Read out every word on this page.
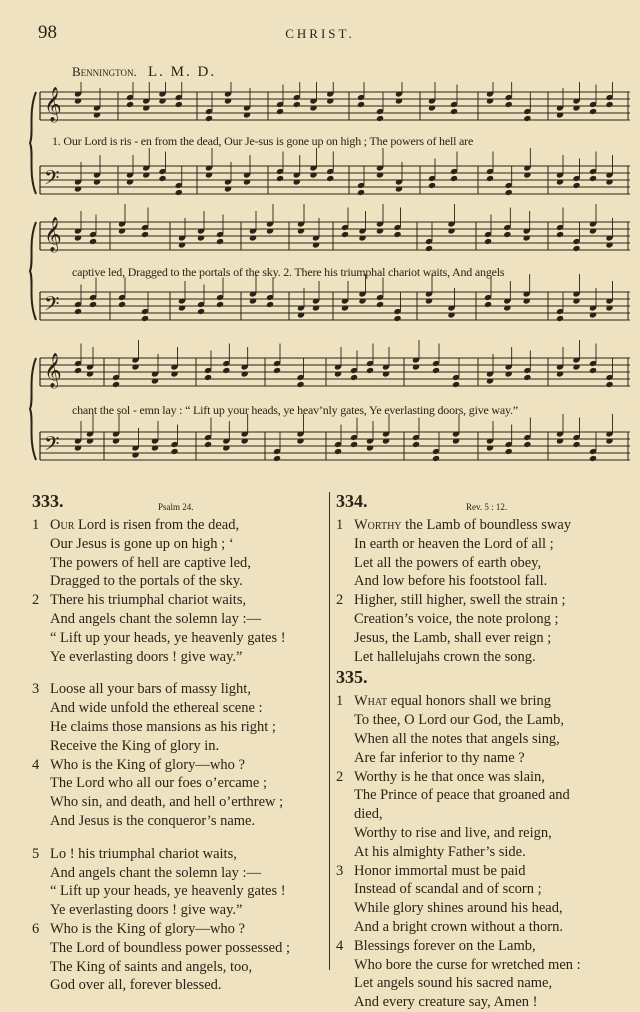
98	CHRIST.
Bennington. L. M. D.
𝄞
𝄢
𝄞
𝄢
𝄞
𝄢
1. Our Lord is ris - en from the dead, Our Je-sus is gone up on high ; The powers of hell are
captive led, Dragged to the portals of the sky. 2. There his triumphal chariot waits, And angels
chant the sol - emn lay : “ Lift up your heads, ye heav’nly gates, Ye everlasting doors, give way.”
333.	Psalm 24.
1 Our Lord is risen from the dead,
Our Jesus is gone up on high ; ‘
The powers of hell are captive led,
Dragged to the portals of the sky.
2 There his triumphal chariot waits,
And angels chant the solemn lay :—
“ Lift up your heads, ye heavenly gates !
Ye everlasting doors ! give way.”
3 Loose all your bars of massy light,
And wide unfold the ethereal scene :
He claims those mansions as his right ;
Receive the King of glory in.
4 Who is the King of glory—who ?
The Lord who all our foes o’ercame ;
Who sin, and death, and hell o’erthrew ;
And Jesus is the conqueror’s name.
5 Lo ! his triumphal chariot waits,
And angels chant the solemn lay :—
“ Lift up your heads, ye heavenly gates !
Ye everlasting doors ! give way.”
6 Who is the King of glory—who ?
The Lord of boundless power possessed ;
The King of saints and angels, too,
God over all, forever blessed.
334.	Rev. 5 : 12.
1 Worthy the Lamb of boundless sway
In earth or heaven the Lord of all ;
Let all the powers of earth obey,
And low before his footstool fall.
2 Higher, still higher, swell the strain ;
Creation’s voice, the note prolong ;
Jesus, the Lamb, shall ever reign ;
Let hallelujahs crown the song.
335.
1 What equal honors shall we bring
To thee, O Lord our God, the Lamb,
When all the notes that angels sing,
Are far inferior to thy name ?
2 Worthy is he that once was slain,
The Prince of peace that groaned and
died,
Worthy to rise and live, and reign,
At his almighty Father’s side.
3 Honor immortal must be paid
Instead of scandal and of scorn ;
While glory shines around his head,
And a bright crown without a thorn.
4 Blessings forever on the Lamb,
Who bore the curse for wretched men :
Let angels sound his sacred name,
And every creature say, Amen !
